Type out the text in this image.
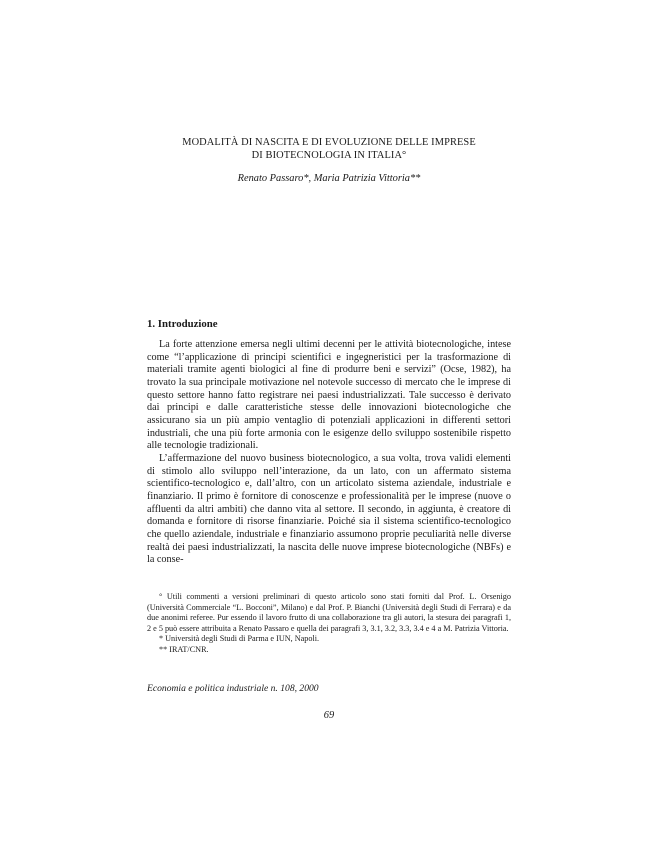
MODALITÀ DI NASCITA E DI EVOLUZIONE DELLE IMPRESE
DI BIOTECNOLOGIA IN ITALIA°
Renato Passaro*, Maria Patrizia Vittoria**
1. Introduzione

La forte attenzione emersa negli ultimi decenni per le attività biotecnologiche, intese come “l’applicazione di principi scientifici e ingegneristici per la trasformazione di materiali tramite agenti biologici al fine di produrre beni e servizi” (Ocse, 1982), ha trovato la sua principale motivazione nel notevole successo di mercato che le imprese di questo settore hanno fatto registrare nei paesi industrializzati. Tale successo è derivato dai principi e dalle caratteristiche stesse delle innovazioni biotecnologiche che assicurano sia un più ampio ventaglio di potenziali applicazioni in differenti settori industriali, che una più forte armonia con le esigenze dello sviluppo sostenibile rispetto alle tecnologie tradizionali.

L’affermazione del nuovo business biotecnologico, a sua volta, trova validi elementi di stimolo allo sviluppo nell’interazione, da un lato, con un affermato sistema scientifico-tecnologico e, dall’altro, con un articolato sistema aziendale, industriale e finanziario. Il primo è fornitore di conoscenze e professionalità per le imprese (nuove o affluenti da altri ambiti) che danno vita al settore. Il secondo, in aggiunta, è creatore di domanda e fornitore di risorse finanziarie. Poiché sia il sistema scientifico-tecnologico che quello aziendale, industriale e finanziario assumono proprie peculiarità nelle diverse realtà dei paesi industrializzati, la nascita delle nuove imprese biotecnologiche (NBFs) e la conse-

° Utili commenti a versioni preliminari di questo articolo sono stati forniti dal Prof. L. Orsenigo (Università Commerciale “L. Bocconi”, Milano) e dal Prof. P. Bianchi (Università degli Studi di Ferrara) e da due anonimi referee. Pur essendo il lavoro frutto di una collaborazione tra gli autori, la stesura dei paragrafi 1, 2 e 5 può essere attribuita a Renato Passaro e quella dei paragrafi 3, 3.1, 3.2, 3.3, 3.4 e 4 a M. Patrizia Vittoria.

* Università degli Studi di Parma e IUN, Napoli.

** IRAT/CNR.

Economia e politica industriale n. 108, 2000
69
